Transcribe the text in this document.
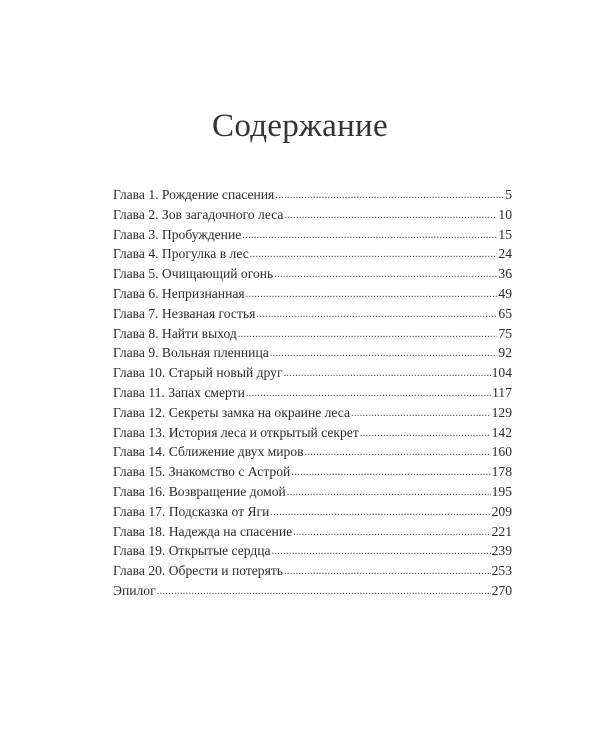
Содержание
Глава 1. Рождение спасения .....	5
Глава 2. Зов загадочного леса .....	10
Глава 3. Пробуждение .....	15
Глава 4. Прогулка в лес .....	24
Глава 5. Очищающий огонь .....	36
Глава 6. Непризнанная .....	49
Глава 7. Незваная гостья .....	65
Глава 8. Найти выход .....	75
Глава 9. Вольная пленница .....	92
Глава 10. Старый новый друг .....	104
Глава 11. Запах смерти .....	117
Глава 12. Секреты замка на окраине леса .....	129
Глава 13. История леса и открытый секрет .....	142
Глава 14. Сближение двух миров .....	160
Глава 15. Знакомство с Астрой .....	178
Глава 16. Возвращение домой .....	195
Глава 17. Подсказка от Яги .....	209
Глава 18. Надежда на спасение .....	221
Глава 19. Открытые сердца .....	239
Глава 20. Обрести и потерять .....	253
Эпилог .....	270
